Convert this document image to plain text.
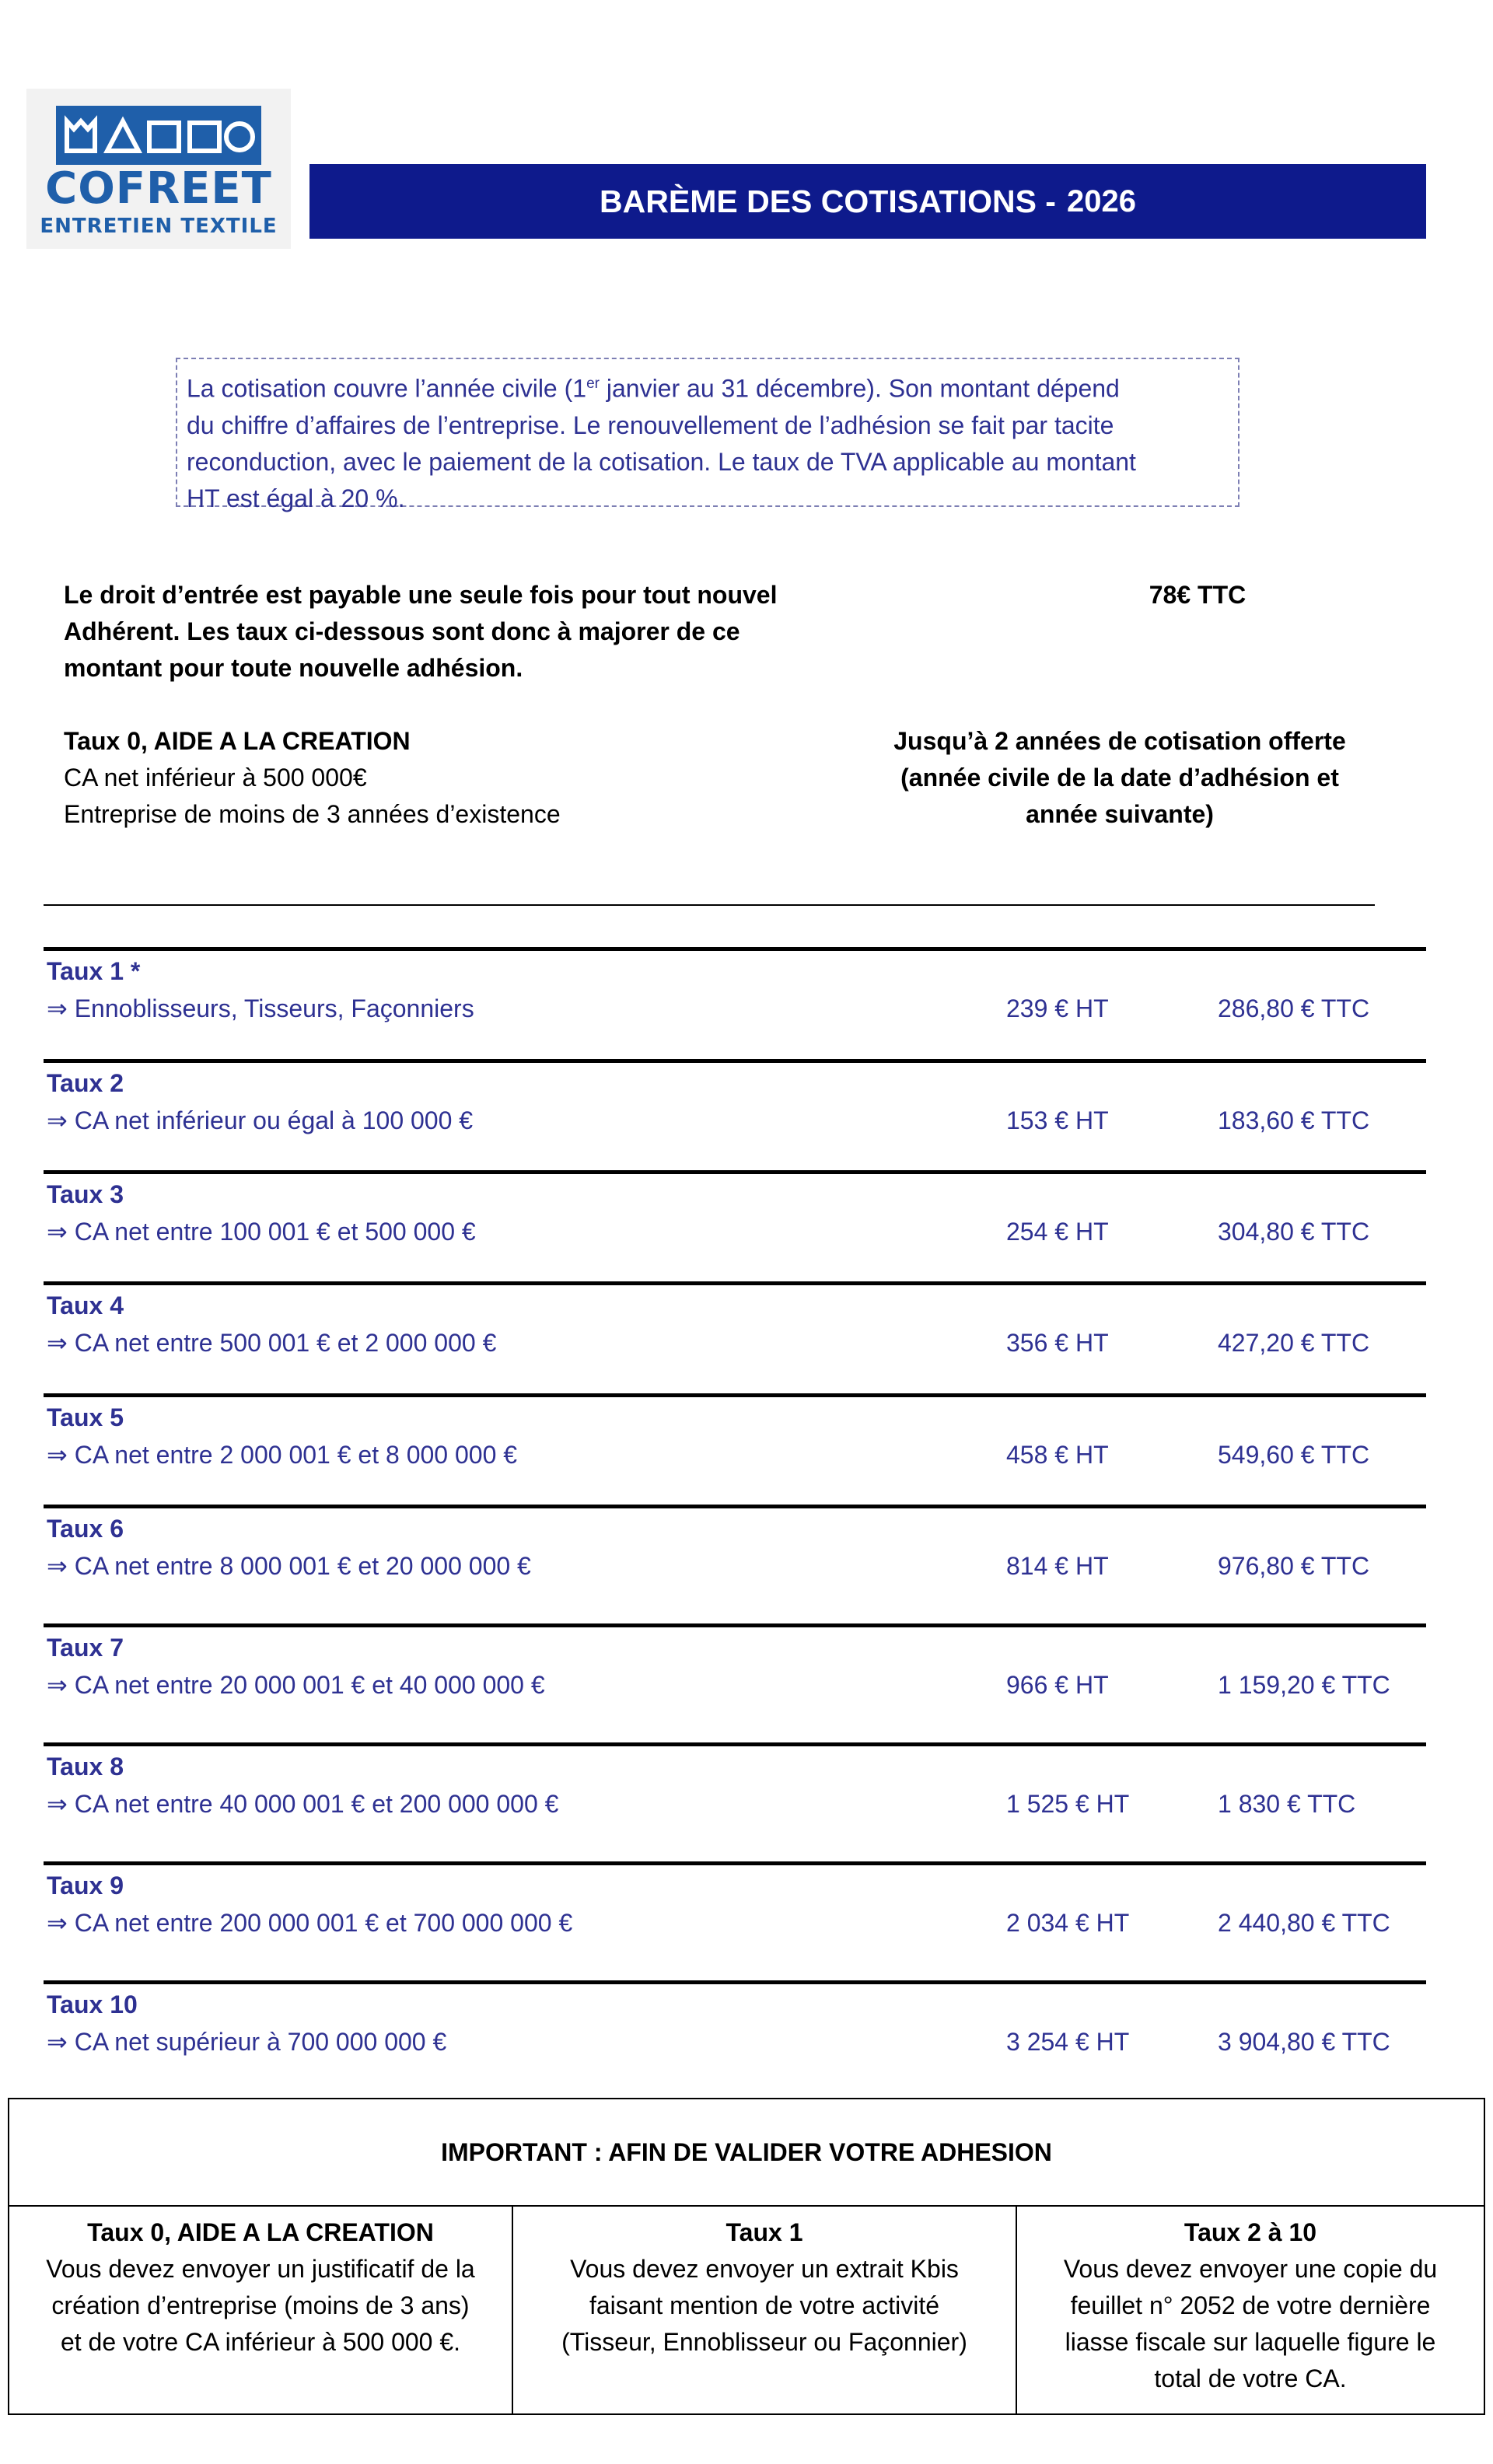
COFREET
ENTRETIEN TEXTILE
BARÈME DES COTISATIONS - 2026
La cotisation couvre l’année civile (1er janvier au 31 décembre). Son montant dépend
du chiffre d’affaires de l’entreprise. Le renouvellement de l’adhésion se fait par tacite
reconduction, avec le paiement de la cotisation. Le taux de TVA applicable au montant
HT est égal à 20 %.
Le droit d’entrée est payable une seule fois pour tout nouvel
Adhérent. Les taux ci-dessous sont donc à majorer de ce
montant pour toute nouvelle adhésion.
78€ TTC
Taux 0, AIDE A LA CREATION
CA net inférieur à 500 000€
Entreprise de moins de 3 années d’existence
Jusqu’à 2 années de cotisation offerte
(année civile de la date d’adhésion et
année suivante)
Taux 1 *
⇒ Ennoblisseurs, Tisseurs, Façonniers	239 € HT	286,80 € TTC
Taux 2
⇒ CA net inférieur ou égal à 100 000 €	153 € HT	183,60 € TTC
Taux 3
⇒ CA net entre 100 001 € et 500 000 €	254 € HT	304,80 € TTC
Taux 4
⇒ CA net entre 500 001 € et 2 000 000 €	356 € HT	427,20 € TTC
Taux 5
⇒ CA net entre 2 000 001 € et 8 000 000 €	458 € HT	549,60 € TTC
Taux 6
⇒ CA net entre 8 000 001 € et 20 000 000 €	814 € HT	976,80 € TTC
Taux 7
⇒ CA net entre 20 000 001 € et 40 000 000 €	966 € HT	1 159,20 € TTC
Taux 8
⇒ CA net entre 40 000 001 € et 200 000 000 €	1 525 € HT	1 830 € TTC
Taux 9
⇒ CA net entre 200 000 001 € et 700 000 000 €	2 034 € HT	2 440,80 € TTC
Taux 10
⇒ CA net supérieur à 700 000 000 €	3 254 € HT	3 904,80 € TTC
IMPORTANT : AFIN DE VALIDER VOTRE ADHESION
Taux 0, AIDE A LA CREATION
Vous devez envoyer un justificatif de la
création d’entreprise (moins de 3 ans)
et de votre CA inférieur à 500 000 €.
Taux 1
Vous devez envoyer un extrait Kbis
faisant mention de votre activité
(Tisseur, Ennoblisseur ou Façonnier)
Taux 2 à 10
Vous devez envoyer une copie du
feuillet n° 2052 de votre dernière
liasse fiscale sur laquelle figure le
total de votre CA.
